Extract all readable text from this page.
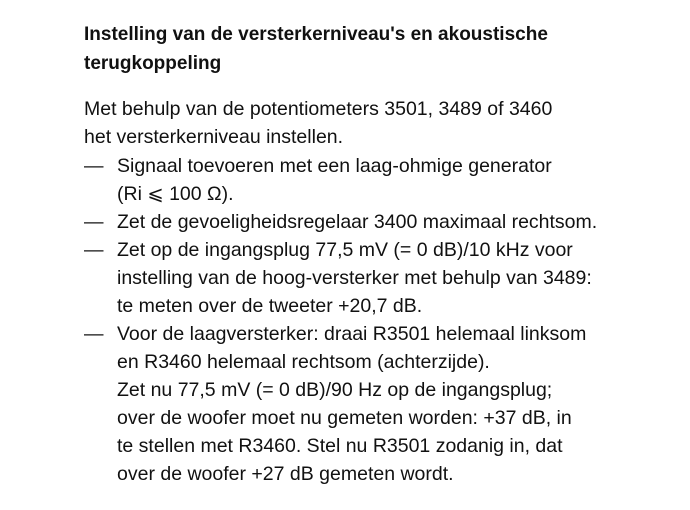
Instelling van de versterkerniveau's en akoustische
terugkoppeling
Met behulp van de potentiometers 3501, 3489 of 3460
het versterkerniveau instellen.
— Signaal toevoeren met een laag-ohmige generator
(Ri ⩽ 100 Ω).
— Zet de gevoeligheidsregelaar 3400 maximaal rechtsom.
— Zet op de ingangsplug 77,5 mV (= 0 dB)/10 kHz voor
instelling van de hoog-versterker met behulp van 3489:
te meten over de tweeter +20,7 dB.
— Voor de laagversterker: draai R3501 helemaal linksom
en R3460 helemaal rechtsom (achterzijde).
Zet nu 77,5 mV (= 0 dB)/90 Hz op de ingangsplug;
over de woofer moet nu gemeten worden: +37 dB, in
te stellen met R3460. Stel nu R3501 zodanig in, dat
over de woofer +27 dB gemeten wordt.
